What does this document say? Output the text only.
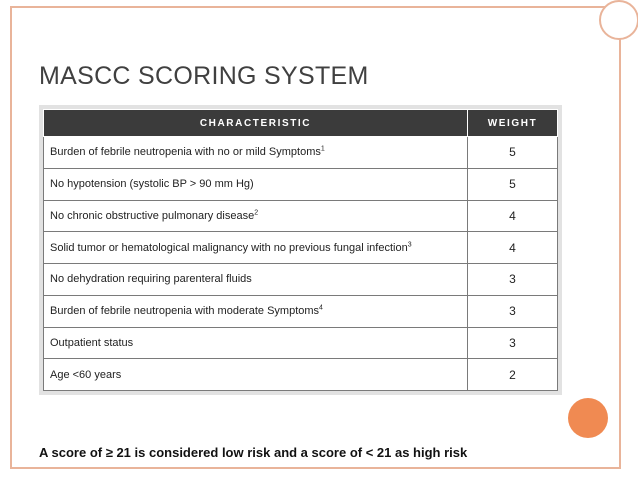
MASCC SCORING SYSTEM
CHARACTERISTIC	WEIGHT
Burden of febrile neutropenia with no or mild Symptoms$^1$	5
No hypotension (systolic BP > 90 mm Hg)	5
No chronic obstructive pulmonary disease$^2$	4
Solid tumor or hematological malignancy with no previous fungal infection$^3$	4
No dehydration requiring parenteral fluids	3
Burden of febrile neutropenia with moderate Symptoms$^4$	3
Outpatient status	3
Age <60 years	2
A score of ≥ 21 is considered low risk and a score of < 21 as high risk
